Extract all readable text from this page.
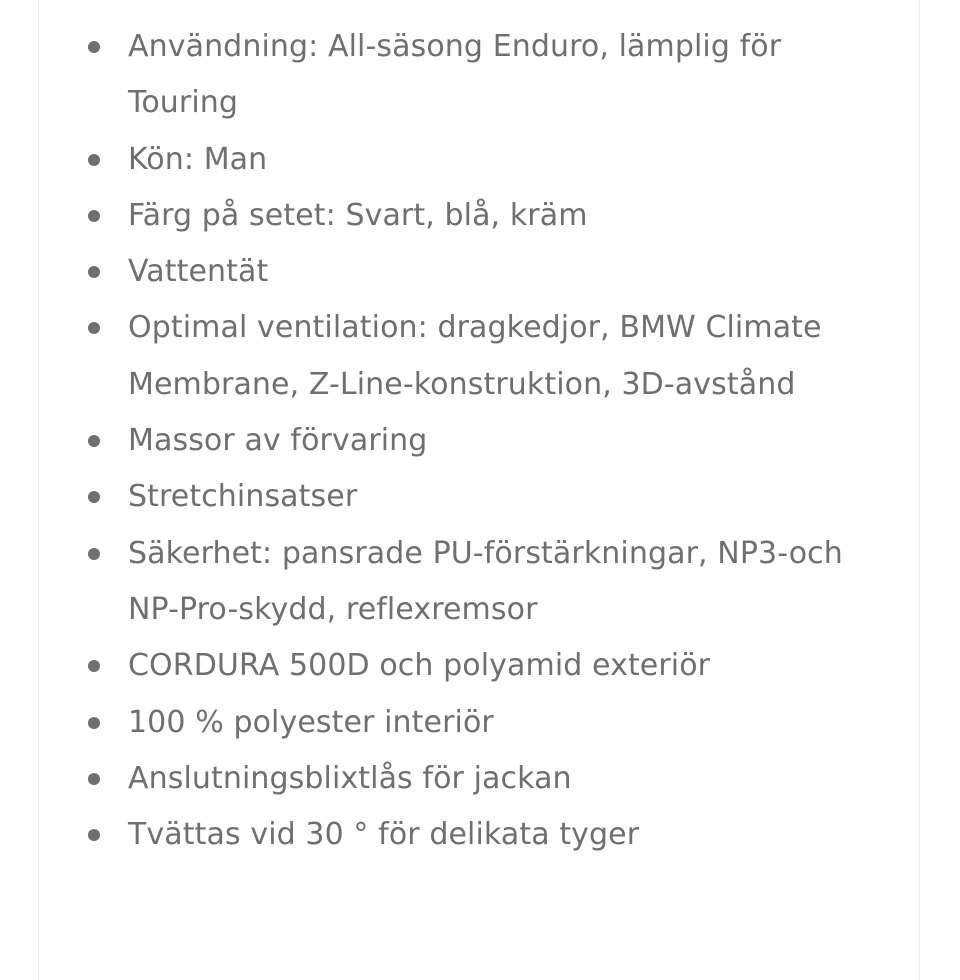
Användning: All-säsong Enduro, lämplig för Touring
Kön: Man
Färg på setet: Svart, blå, kräm
Vattentät
Optimal ventilation: dragkedjor, BMW Climate Membrane, Z-Line-konstruktion, 3D-avstånd
Massor av förvaring
Stretchinsatser
Säkerhet: pansrade PU-förstärkningar, NP3-och NP-Pro-skydd, reflexremsor
CORDURA 500D och polyamid exteriör
100 % polyester interiör
Anslutningsblixtlås för jackan
Tvättas vid 30 ° för delikata tyger
